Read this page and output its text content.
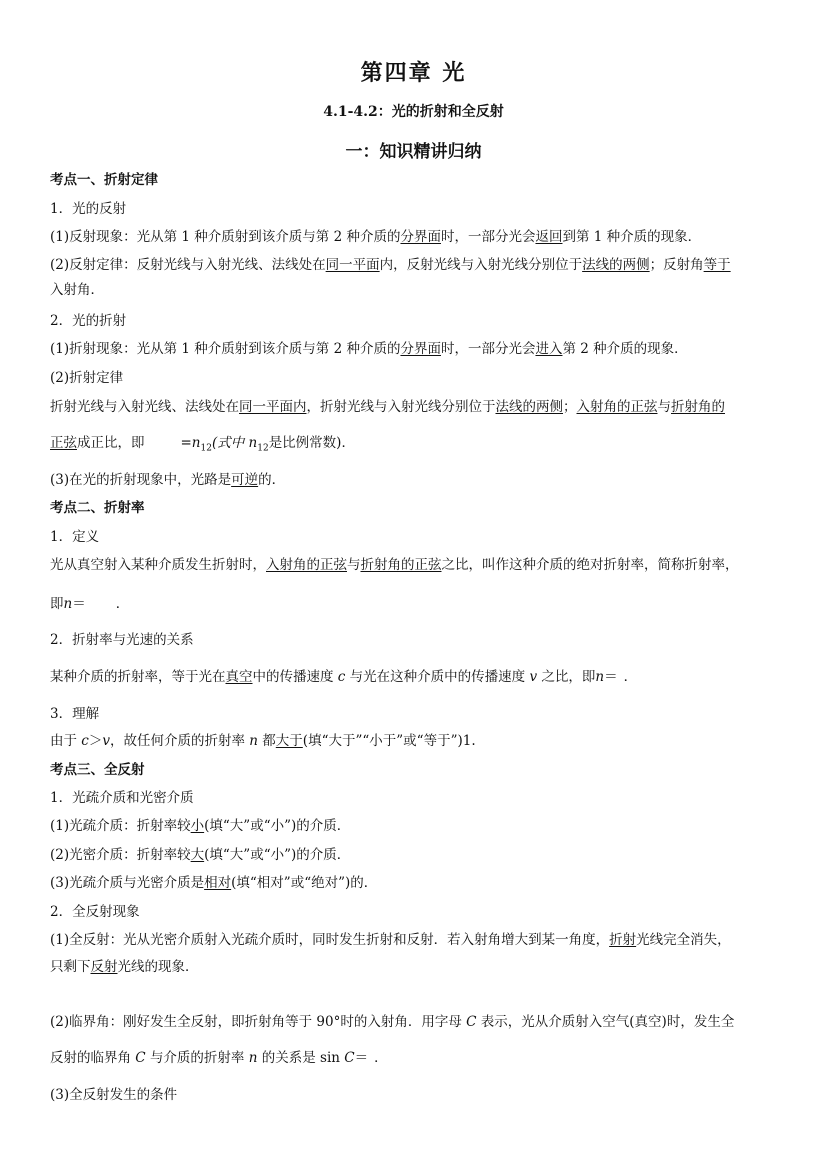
第四章 光
4.1-4.2：光的折射和全反射
一：知识精讲归纳
考点一、折射定律
1．光的反射
(1)反射现象：光从第 1 种介质射到该介质与第 2 种介质的分界面时，一部分光会返回到第 1 种介质的现象．
(2)反射定律：反射光线与入射光线、法线处在同一平面内，反射光线与入射光线分别位于法线的两侧；反射角等于
入射角．
2．光的折射
(1)折射现象：光从第 1 种介质射到该介质与第 2 种介质的分界面时，一部分光会进入第 2 种介质的现象．
(2)折射定律
折射光线与入射光线、法线处在同一平面内，折射光线与入射光线分别位于法线的两侧；入射角的正弦与折射角的
正弦成正比，即	$=n_{12}$(式中 $n_{12}$是比例常数)．
(3)在光的折射现象中，光路是可逆的．
考点二、折射率
1．定义
光从真空射入某种介质发生折射时，入射角的正弦与折射角的正弦之比，叫作这种介质的绝对折射率，简称折射率，
即n＝ ．
2．折射率与光速的关系
某种介质的折射率，等于光在真空中的传播速度 c 与光在这种介质中的传播速度 v 之比，即n＝ ．
3．理解
由于 c＞v，故任何介质的折射率 n 都大于(填“大于”“小于”或“等于”)1.
考点三、全反射
1．光疏介质和光密介质
(1)光疏介质：折射率较小(填“大”或“小”)的介质．
(2)光密介质：折射率较大(填“大”或“小”)的介质．
(3)光疏介质与光密介质是相对(填“相对”或“绝对”)的．
2．全反射现象
(1)全反射：光从光密介质射入光疏介质时，同时发生折射和反射．若入射角增大到某一角度，折射光线完全消失，
只剩下反射光线的现象．
(2)临界角：刚好发生全反射，即折射角等于 90°时的入射角．用字母 C 表示，光从介质射入空气(真空)时，发生全
反射的临界角 C 与介质的折射率 n 的关系是 sin C＝ ．
(3)全反射发生的条件
